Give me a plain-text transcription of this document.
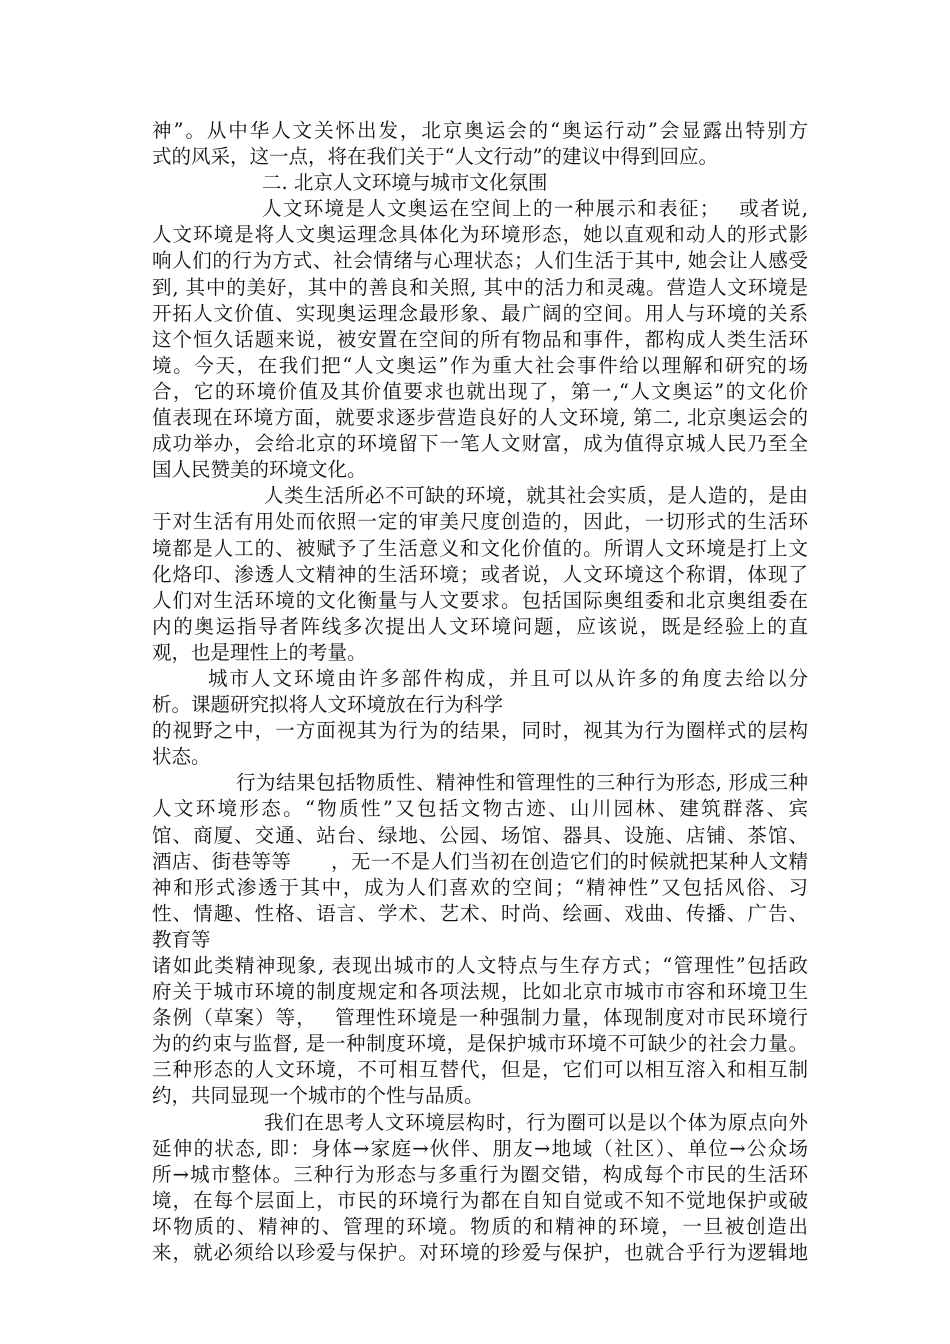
神”。从中华人文关怀出发，北京奥运会的“奥运行动”会显露出特别方
式的风采，这一点，将在我们关于“人文行动”的建议中得到回应。
二. 北京人文环境与城市文化氛围
人文环境是人文奥运在空间上的一种展示和表征；　 或者说,
人文环境是将人文奥运理念具体化为环境形态，她以直观和动人的形式影
响人们的行为方式、社会情绪与心理状态；人们生活于其中, 她会让人感受
到, 其中的美好，其中的善良和关照, 其中的活力和灵魂。营造人文环境是
开拓人文价值、实现奥运理念最形象、最广阔的空间。用人与环境的关系
这个恒久话题来说，被安置在空间的所有物品和事件，都构成人类生活环
境。今天，在我们把“人文奥运”作为重大社会事件给以理解和研究的场
合，它的环境价值及其价值要求也就出现了，第一,“人文奥运”的文化价
值表现在环境方面，就要求逐步营造良好的人文环境, 第二, 北京奥运会的
成功举办，会给北京的环境留下一笔人文财富，成为值得京城人民乃至全
国人民赞美的环境文化。
人类生活所必不可缺的环境，就其社会实质，是人造的，是由
于对生活有用处而依照一定的审美尺度创造的，因此，一切形式的生活环
境都是人工的、被赋予了生活意义和文化价值的。所谓人文环境是打上文
化烙印、渗透人文精神的生活环境；或者说，人文环境这个称谓，体现了
人们对生活环境的文化衡量与人文要求。包括国际奥组委和北京奥组委在
内的奥运指导者阵线多次提出人文环境问题，应该说，既是经验上的直
观，也是理性上的考量。
城市人文环境由许多部件构成，并且可以从许多的角度去给以分
析。课题研究拟将人文环境放在行为科学
的视野之中，一方面视其为行为的结果，同时，视其为行为圈样式的层构
状态。
行为结果包括物质性、精神性和管理性的三种行为形态, 形成三种
人文环境形态。“物质性”又包括文物古迹、山川园林、建筑群落、宾
馆、商厦、交通、站台、绿地、公园、场馆、器具、设施、店铺、茶馆、
酒店、街巷等等　　，无一不是人们当初在创造它们的时候就把某种人文精
神和形式渗透于其中，成为人们喜欢的空间；“精神性”又包括风俗、习
性、情趣、性格、语言、学术、艺术、时尚、绘画、戏曲、传播、广告、
教育等
诸如此类精神现象, 表现出城市的人文特点与生存方式；“管理性”包括政
府关于城市环境的制度规定和各项法规，比如北京市城市市容和环境卫生
条例（草案）等，　 管理性环境是一种强制力量，体现制度对市民环境行
为的约束与监督, 是一种制度环境，是保护城市环境不可缺少的社会力量。
三种形态的人文环境，不可相互替代，但是，它们可以相互溶入和相互制
约，共同显现一个城市的个性与品质。
我们在思考人文环境层构时，行为圈可以是以个体为原点向外
延伸的状态, 即：身体→家庭→伙伴、朋友→地域（社区）、单位→公众场
所→城市整体。三种行为形态与多重行为圈交错，构成每个市民的生活环
境，在每个层面上，市民的环境行为都在自知自觉或不知不觉地保护或破
坏物质的、精神的、管理的环境。物质的和精神的环境，一旦被创造出
来，就必须给以珍爱与保护。对环境的珍爱与保护，也就合乎行为逻辑地
